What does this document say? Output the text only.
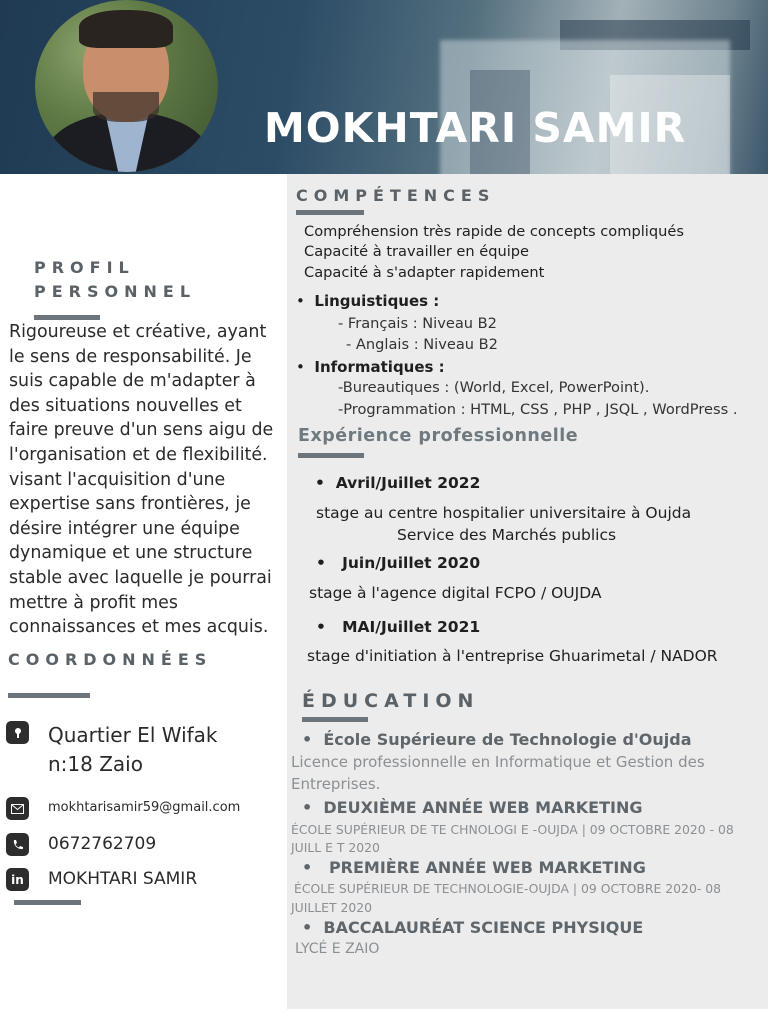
MOKHTARI SAMIR

PROFIL

PERSONNEL

Rigoureuse et créative, ayant le sens de responsabilité. Je suis capable de m'adapter à des situations nouvelles et faire preuve d'un sens aigu de l'organisation et de flexibilité. visant l'acquisition d'une expertise sans frontières, je désire intégrer une équipe dynamique et une structure stable avec laquelle je pourrai mettre à profit mes connaissances et mes acquis.

COORDONNÉES

Quartier El Wifak
n:18 Zaio
mokhtarisamir59@gmail.com
0672762709
in	MOKHTARI SAMIR

COMPÉTENCES

Compréhension très rapide de concepts compliqués

Capacité à travailler en équipe

Capacité à s'adapter rapidement

•  Linguistiques :

- Français : Niveau B2

- Anglais : Niveau B2

•  Informatiques :

-Bureautiques : (World, Excel, PowerPoint).

-Programmation : HTML, CSS , PHP , JSQL , WordPress .

Expérience professionnelle

•  Avril/Juillet 2022

stage au centre hospitalier universitaire à Oujda

Service des Marchés publics

•   Juin/Juillet 2020

stage à l'agence digital FCPO / OUJDA

•   MAI/Juillet 2021

stage d'initiation à l'entreprise Ghuarimetal / NADOR

ÉDUCATION

•  École Supérieure de Technologie d'Oujda

Licence professionnelle en Informatique et Gestion des

Entreprises.

•  DEUXIÈME ANNÉE WEB MARKETING

ÉCOLE SUPÉRIEUR DE TE CHNOLOGI E -OUJDA | 09 OCTOBRE 2020 - 08

JUILL E T 2020

•   PREMIÈRE ANNÉE WEB MARKETING

ÉCOLE SUPÉRIEUR DE TECHNOLOGIE-OUJDA | 09 OCTOBRE 2020- 08

JUILLET 2020

•  BACCALAURÉAT SCIENCE PHYSIQUE

LYCÉ E ZAIO
